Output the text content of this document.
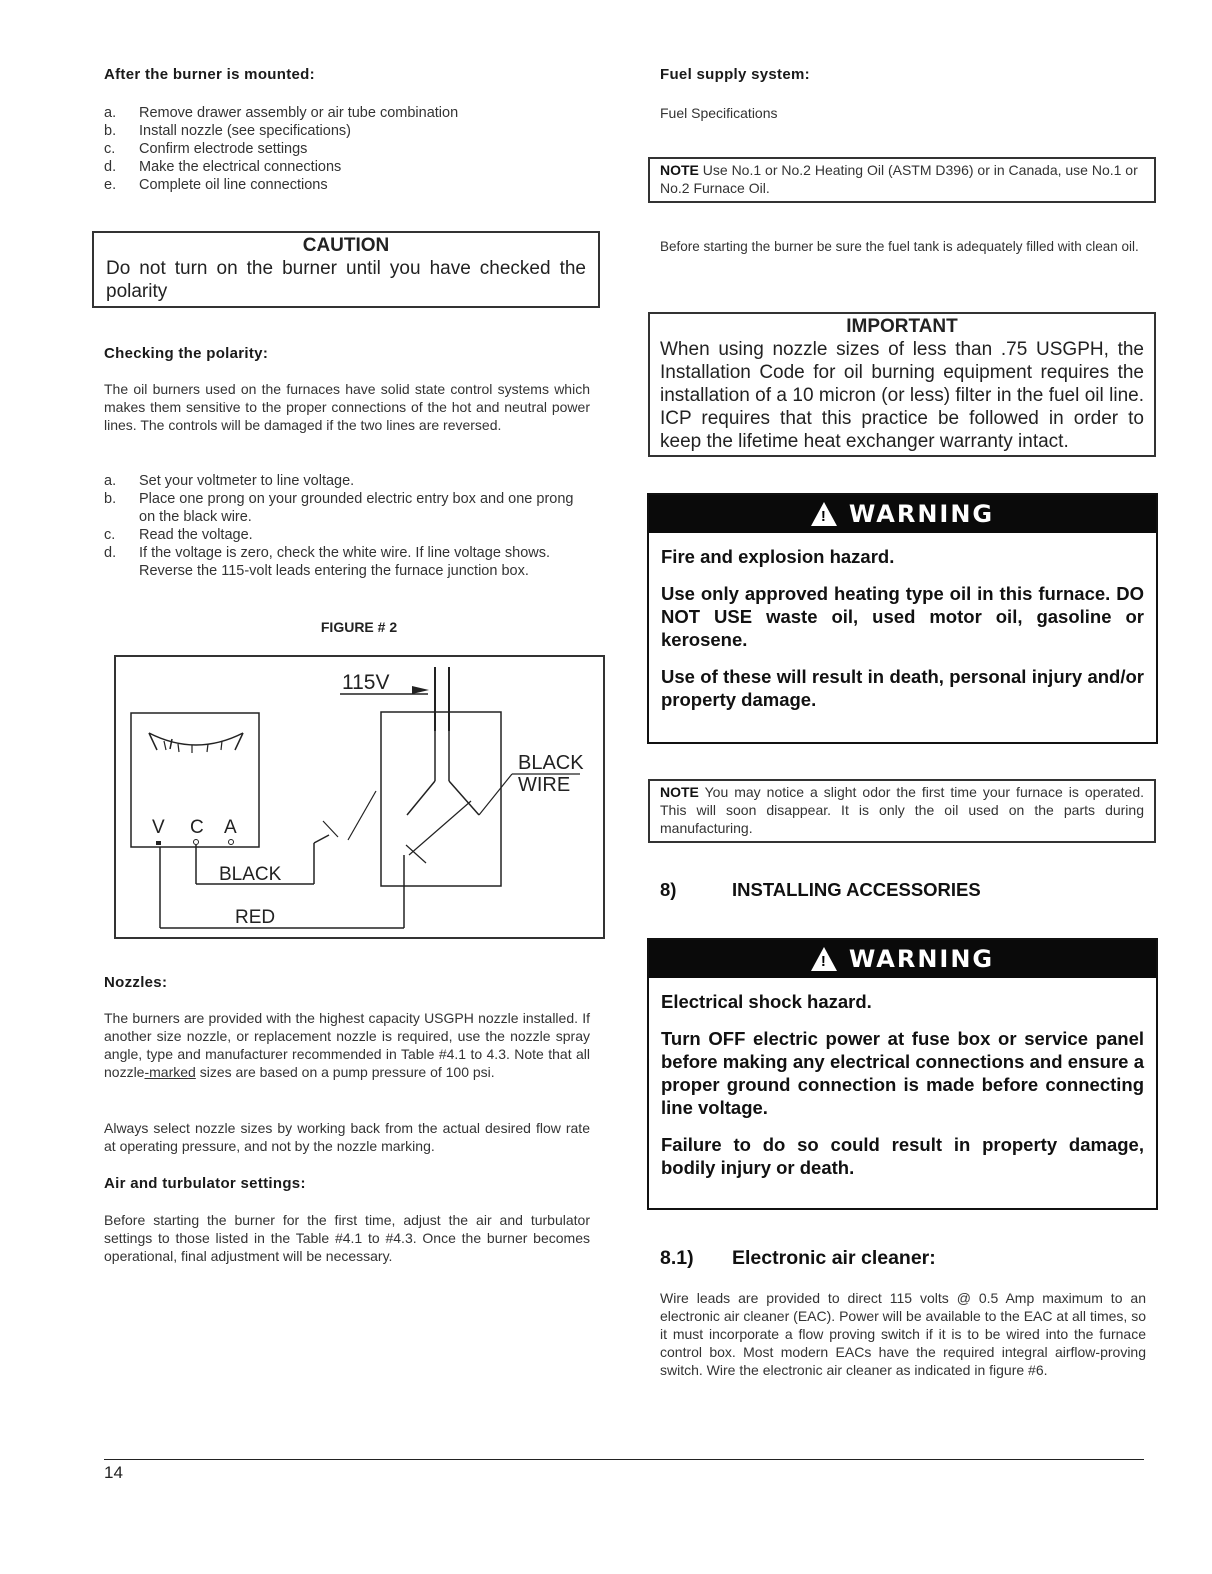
After the burner is mounted:
a. Remove drawer assembly or air tube combination
b. Install nozzle (see specifications)
c. Confirm electrode settings
d. Make the electrical connections
e. Complete oil line connections
CAUTION
Do not turn on the burner until you have checked the polarity
Checking the polarity:

The oil burners used on the furnaces have solid state control systems which makes them sensitive to the proper connections of the hot and neutral power lines. The controls will be damaged if the two lines are reversed.

a. Set your voltmeter to line voltage.
b. Place one prong on your grounded electric entry box and one prong on the black wire.
c. Read the voltage.
d. If the voltage is zero, check the white wire. If line voltage shows. Reverse the 115-volt leads entering the furnace junction box.
FIGURE # 2
115V
BLACK
WIRE
V C A
BLACK
RED
Nozzles:

The burners are provided with the highest capacity USGPH nozzle installed. If another size nozzle, or replacement nozzle is required, use the nozzle spray angle, type and manufacturer recommended in Table #4.1 to 4.3. Note that all nozzle-marked sizes are based on a pump pressure of 100 psi.

Always select nozzle sizes by working back from the actual desired flow rate at operating pressure, and not by the nozzle marking.

Air and turbulator settings:

Before starting the burner for the first time, adjust the air and turbulator settings to those listed in the Table #4.1 to #4.3. Once the burner becomes operational, final adjustment will be necessary.

Fuel supply system:

Fuel Specifications

NOTE Use No.1 or No.2 Heating Oil (ASTM D396) or in Canada, use No.1 or No.2 Furnace Oil.

Before starting the burner be sure the fuel tank is adequately filled with clean oil.

IMPORTANT
When using nozzle sizes of less than .75 USGPH, the Installation Code for oil burning equipment requires the installation of a 10 micron (or less) filter in the fuel oil line. ICP requires that this practice be followed in order to keep the lifetime heat exchanger warranty intact.
! WARNING

Fire and explosion hazard.

Use only approved heating type oil in this furnace. DO NOT USE waste oil, used motor oil, gasoline or kerosene.

Use of these will result in death, personal injury and/or property damage.

NOTE You may notice a slight odor the first time your furnace is operated. This will soon disappear. It is only the oil used on the parts during manufacturing.
8)	INSTALLING ACCESSORIES
! WARNING

Electrical shock hazard.

Turn OFF electric power at fuse box or service panel before making any electrical connections and ensure a proper ground connection is made before connecting line voltage.

Failure to do so could result in property damage, bodily injury or death.

8.1) Electronic air cleaner:

Wire leads are provided to direct 115 volts @ 0.5 Amp maximum to an electronic air cleaner (EAC). Power will be available to the EAC at all times, so it must incorporate a flow proving switch if it is to be wired into the furnace control box. Most modern EACs have the required integral airflow-proving switch. Wire the electronic air cleaner as indicated in figure #6.

14
